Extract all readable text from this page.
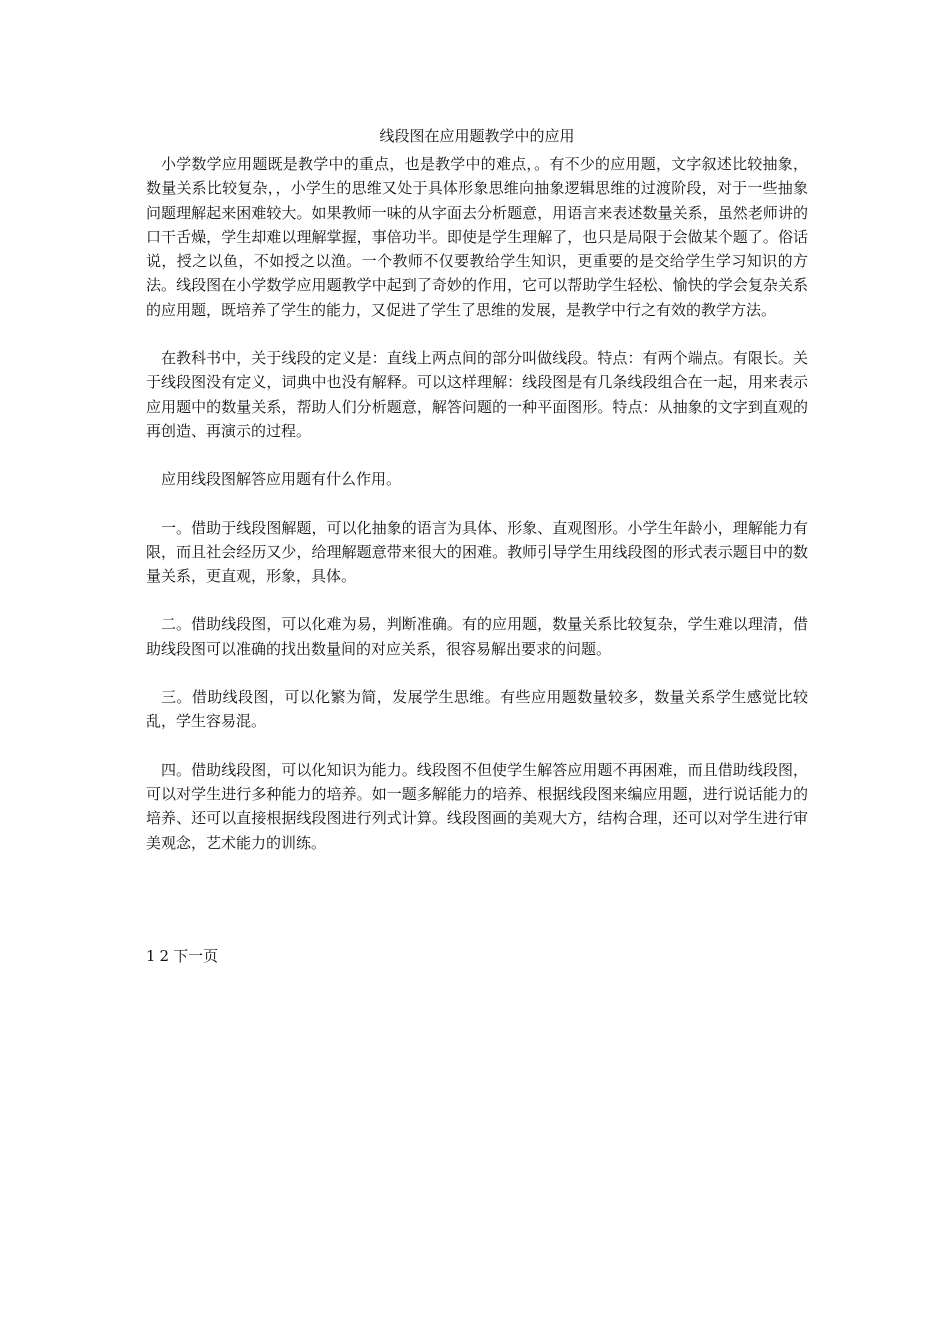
线段图在应用题教学中的应用

小学数学应用题既是教学中的重点，也是教学中的难点，。有不少的应用题，文字叙述比较抽象，数量关系比较复杂，，小学生的思维又处于具体形象思维向抽象逻辑思维的过渡阶段，对于一些抽象问题理解起来困难较大。如果教师一味的从字面去分析题意，用语言来表述数量关系，虽然老师讲的口干舌燥，学生却难以理解掌握，事倍功半。即使是学生理解了，也只是局限于会做某个题了。俗话说，授之以鱼，不如授之以渔。一个教师不仅要教给学生知识，更重要的是交给学生学习知识的方法。线段图在小学数学应用题教学中起到了奇妙的作用，它可以帮助学生轻松、愉快的学会复杂关系的应用题，既培养了学生的能力，又促进了学生了思维的发展，是教学中行之有效的教学方法。

在教科书中，关于线段的定义是：直线上两点间的部分叫做线段。特点：有两个端点。有限长。关于线段图没有定义，词典中也没有解释。可以这样理解：线段图是有几条线段组合在一起，用来表示应用题中的数量关系，帮助人们分析题意，解答问题的一种平面图形。特点：从抽象的文字到直观的再创造、再演示的过程。

应用线段图解答应用题有什么作用。

一。借助于线段图解题，可以化抽象的语言为具体、形象、直观图形。小学生年龄小，理解能力有限，而且社会经历又少，给理解题意带来很大的困难。教师引导学生用线段图的形式表示题目中的数量关系，更直观，形象，具体。

二。借助线段图，可以化难为易，判断准确。有的应用题，数量关系比较复杂，学生难以理清，借助线段图可以准确的找出数量间的对应关系，很容易解出要求的问题。

三。借助线段图，可以化繁为简，发展学生思维。有些应用题数量较多，数量关系学生感觉比较乱，学生容易混。

四。借助线段图，可以化知识为能力。线段图不但使学生解答应用题不再困难，而且借助线段图，可以对学生进行多种能力的培养。如一题多解能力的培养、根据线段图来编应用题，进行说话能力的培养、还可以直接根据线段图进行列式计算。线段图画的美观大方，结构合理，还可以对学生进行审美观念，艺术能力的训练。

1 2 下一页
